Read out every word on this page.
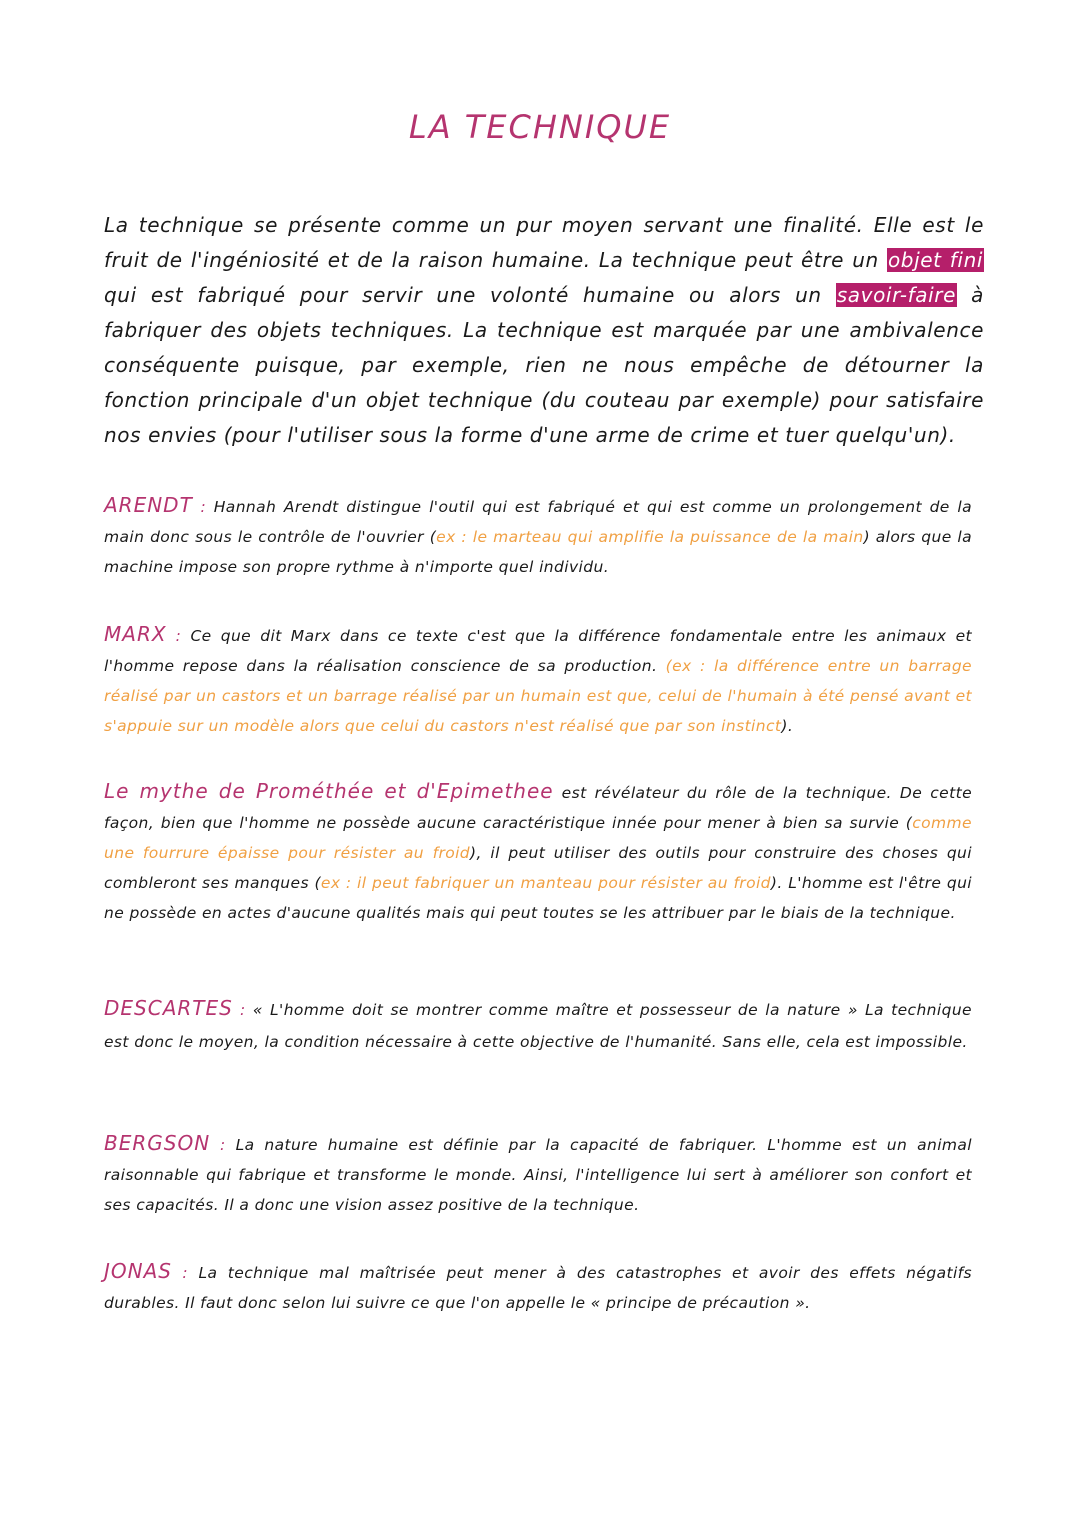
LA TECHNIQUE
La technique se présente comme un pur moyen servant une finalité. Elle est le fruit de l'ingéniosité et de la raison humaine. La technique peut être un objet fini qui est fabriqué pour servir une volonté humaine ou alors un savoir-faire à fabriquer des objets techniques. La technique est marquée par une ambivalence conséquente puisque, par exemple, rien ne nous empêche de détourner la fonction principale d'un objet technique (du couteau par exemple) pour satisfaire nos envies (pour l'utiliser sous la forme d'une arme de crime et tuer quelqu'un).
ARENDT : Hannah Arendt distingue l'outil qui est fabriqué et qui est comme un prolongement de la main donc sous le contrôle de l'ouvrier (ex : le marteau qui amplifie la puissance de la main) alors que la machine impose son propre rythme à n'importe quel individu.
MARX : Ce que dit Marx dans ce texte c'est que la différence fondamentale entre les animaux et l'homme repose dans la réalisation conscience de sa production. (ex : la différence entre un barrage réalisé par un castors et un barrage réalisé par un humain est que, celui de l'humain à été pensé avant et s'appuie sur un modèle alors que celui du castors n'est réalisé que par son instinct).
Le mythe de Prométhée et d'Epimethee est révélateur du rôle de la technique. De cette façon, bien que l'homme ne possède aucune caractéristique innée pour mener à bien sa survie (comme une fourrure épaisse pour résister au froid), il peut utiliser des outils pour construire des choses qui combleront ses manques (ex : il peut fabriquer un manteau pour résister au froid). L'homme est l'être qui ne possède en actes d'aucune qualités mais qui peut toutes se les attribuer par le biais de la technique.
DESCARTES : « L'homme doit se montrer comme maître et possesseur de la nature » La technique est donc le moyen, la condition nécessaire à cette objective de l'humanité. Sans elle, cela est impossible.
BERGSON : La nature humaine est définie par la capacité de fabriquer. L'homme est un animal raisonnable qui fabrique et transforme le monde. Ainsi, l'intelligence lui sert à améliorer son confort et ses capacités. Il a donc une vision assez positive de la technique.
JONAS : La technique mal maîtrisée peut mener à des catastrophes et avoir des effets négatifs durables. Il faut donc selon lui suivre ce que l'on appelle le « principe de précaution ».
